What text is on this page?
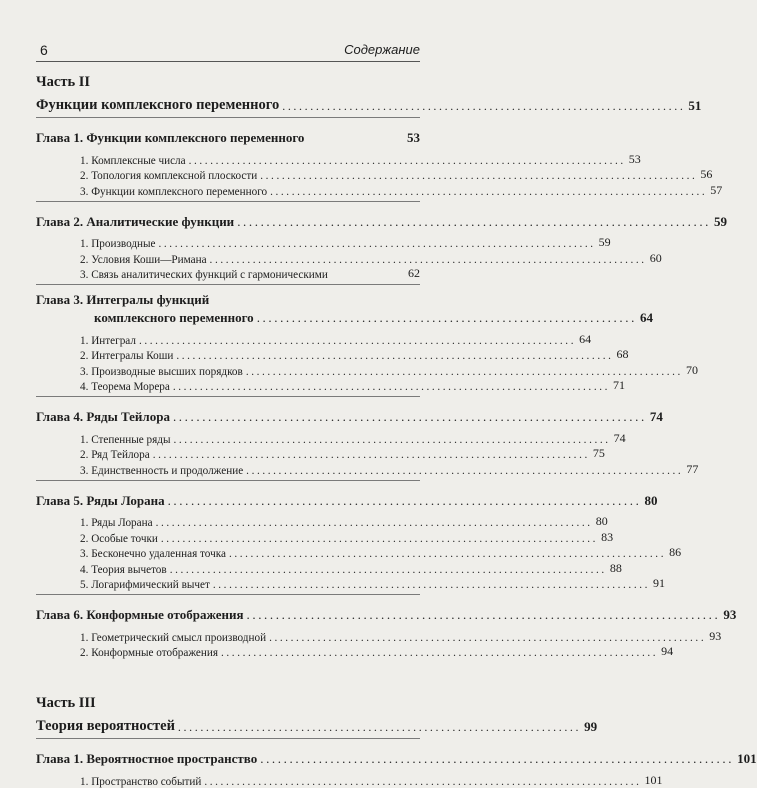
6	Содержание
Часть II
Функции комплексного переменного ........................................................................ 51
Глава 1. Функции комплексного переменного	53
1. Комплексные числа ................................................................................. 53
2. Топология комплексной плоскости ................................................................................. 56
3. Функции комплексного переменного ................................................................................. 57
Глава 2. Аналитические функции ................................................................................. 59
1. Производные ................................................................................. 59
2. Условия Коши—Римана ................................................................................. 60
3. Связь аналитических функций с гармоническими	62
Глава 3. Интегралы функций
комплексного переменного ................................................................. 64
1. Интеграл ................................................................................. 64
2. Интегралы Коши ................................................................................. 68
3. Производные высших порядков ................................................................................. 70
4. Теорема Морера ................................................................................. 71
Глава 4. Ряды Тейлора ................................................................................. 74
1. Степенные ряды ................................................................................. 74
2. Ряд Тейлора ................................................................................. 75
3. Единственность и продолжение ................................................................................. 77
Глава 5. Ряды Лорана ................................................................................. 80
1. Ряды Лорана ................................................................................. 80
2. Особые точки ................................................................................. 83
3. Бесконечно удаленная точка ................................................................................. 86
4. Теория вычетов ................................................................................. 88
5. Логарифмический вычет ................................................................................. 91
Глава 6. Конформные отображения ................................................................................. 93
1. Геометрический смысл производной ................................................................................. 93
2. Конформные отображения ................................................................................. 94
Часть III
Теория вероятностей ........................................................................ 99
Глава 1. Вероятностное пространство ................................................................................. 101
1. Пространство событий ................................................................................. 101
